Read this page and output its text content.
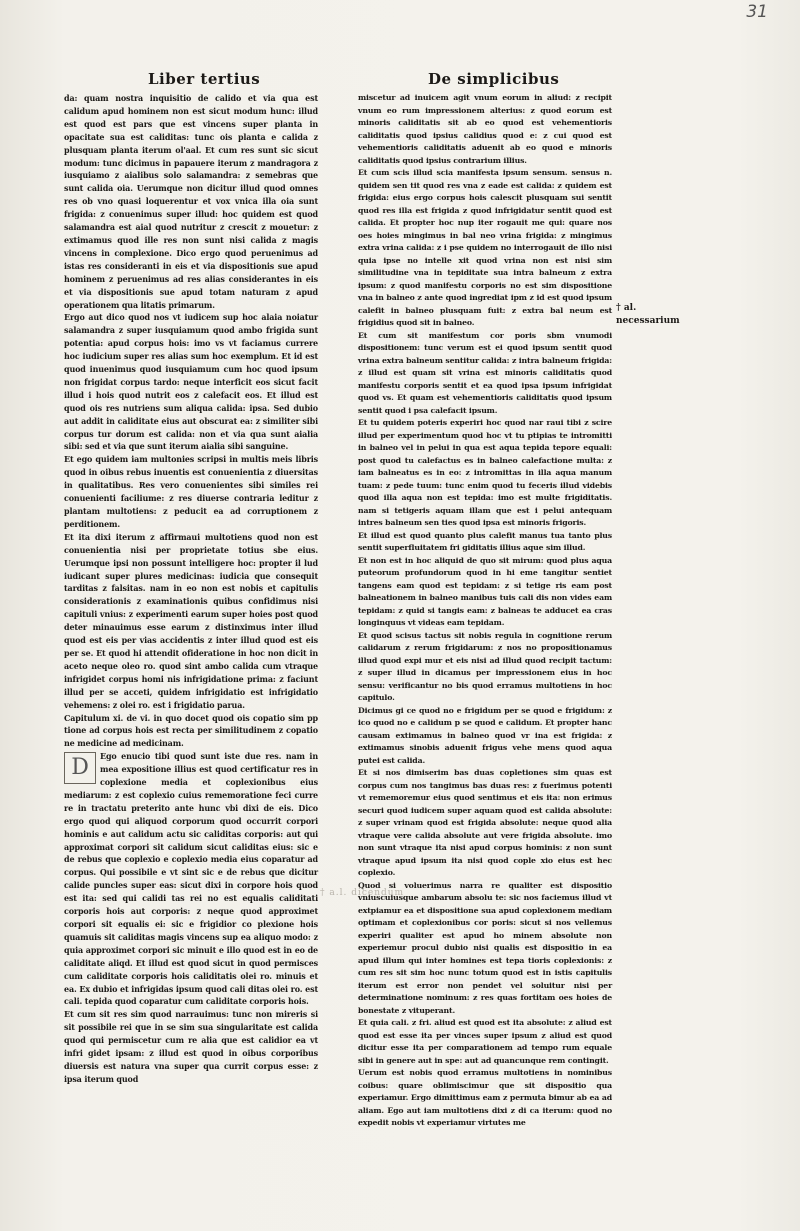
31
Liber tertius	De simplicibus

da: quam nostra inquisitio de calido et via qua est calidum apud hominem non est sicut modum hunc: illud est quod est pars que est vincens super planta in opacitate sua est caliditas: tunc ois planta e calida z plusquam planta iterum ol'aal. Et cum res sunt sic sicut modum: tunc dicimus in papauere iterum z mandragora z iusquiamo z aialibus solo salamandra: z semebras que sunt calida oia. Uerumque non dicitur illud quod omnes res ob vno quasi loquerentur et vox vnica illa oia sunt frigida: z conuenimus super illud: hoc quidem est quod salamandra est aial quod nutritur z crescit z mouetur: z extimamus quod ille res non sunt nisi calida z magis vincens in complexione. Dico ergo quod peruenimus ad istas res consideranti in eis et via dispositionis sue apud hominem z peruenimus ad res alias considerantes in eis et via dispositionis sue apud totam naturam z apud operationem qua litatis primarum.

Ergo aut dico quod nos vt iudicem sup hoc alaia noiatur salamandra z super iusquiamum quod ambo frigida sunt potentia: apud corpus hois: imo vs vt faciamus currere hoc iudicium super res alias sum hoc exemplum. Et id est quod inuenimus quod iusquiamum cum hoc quod ipsum non frigidat corpus tardo: neque interficit eos sicut facit illud i hois quod nutrit eos z calefacit eos. Et illud est quod ois res nutriens sum aliqua calida: ipsa. Sed dubio aut addit in caliditate eius aut obscurat ea: z similiter sibi corpus tur dorum est calida: non et via qua sunt aialia sibi: sed et via que sunt iterum aialia sibi sanguine.

Et ego quidem iam multonies scripsi in multis meis libris quod in oibus rebus inuentis est conuenientia z diuersitas in qualitatibus. Res vero conuenientes sibi similes rei conuenienti faciliume: z res diuerse contraria leditur z plantam multotiens: z peducit ea ad corruptionem z perditionem.

Et ita dixi iterum z affirmaui multotiens quod non est conuenientia nisi per proprietate totius sbe eius. Uerumque ipsi non possunt intelligere hoc: propter il lud iudicant super plures medicinas: iudicia que consequit tarditas z falsitas. nam in eo non est nobis et capitulis considerationis z examinationis quibus confidimus nisi capituli vnius: z experimenti earum super hoies post quod deter minauimus esse earum z distinximus inter illud quod est eis per vias accidentis z inter illud quod est eis per se. Et quod hi attendit ofideratione in hoc non dicit in aceto neque oleo ro. quod sint ambo calida cum vtraque infrigidet corpus homi nis infrigidatione prima: z faciunt illud per se acceti, quidem infrigidatio est infrigidatio vehemens: z olei ro. est i frigidatio parua.

Capitulum xi. de vi. in quo docet quod ois copatio sim pp tione ad corpus hois est recta per similitudinem z copatio ne medicine ad medicinam.

D	Ego enucio tibi quod sunt iste due res. nam in mea expositione illius est quod certificatur res in coplexione media et coplexionibus eius mediarum: z est coplexio cuius rememoratione feci curre re in tractatu preterito ante hunc vbi dixi de eis. Dico ergo quod qui aliquod corporum quod occurrit corpori hominis e aut calidum actu sic caliditas corporis: aut qui approximat corpori sit calidum sicut caliditas eius: sic e de rebus que coplexio e coplexio media eius coparatur ad corpus. Qui possibile e vt sint sic e de rebus que dicitur calide puncles super eas: sicut dixi in corpore hois quod est ita: sed qui calidi tas rei no est equalis caliditati corporis hois aut corporis: z neque quod approximet corpori sit equalis ei: sic e frigidior co plexione hois quamuis sit caliditas magis vincens sup ea aliquo modo: z quia approximet corpori sic minuit e illo quod est in eo de caliditate aliqd. Et illud est quod sicut in quod permisces cum caliditate corporis hois caliditatis olei ro. minuis et ea. Ex dubio et infrigidas ipsum quod cali ditas olei ro. est cali. tepida quod coparatur cum caliditate corporis hois.

Et cum sit res sim quod narrauimus: tunc non mireris si sit possibile rei que in se sim sua singularitate est calida quod qui permiscetur cum re alia que est calidior ea vt infri gidet ipsam: z illud est quod in oibus corporibus diuersis est natura vna super qua currit corpus esse: z ipsa iterum quod

miscetur ad inuicem agit vnum eorum in aliud: z recipit vnum eo rum impressionem alterius: z quod eorum est minoris caliditatis sit ab eo quod est vehementioris caliditatis quod ipsius calidius quod e: z cui quod est vehementioris caliditatis aduenit ab eo quod e minoris caliditatis quod ipsius contrarium illius.

Et cum scis illud scia manifesta ipsum sensum. sensus n. quidem sen tit quod res vna z eade est calida: z quidem est frigida: eius ergo corpus hois calescit plusquam sui sentit quod res illa est frigida z quod infrigidatur sentit quod est calida. Et propter hoc nup iter rogauit me qui: quare nos oes hoies mingimus in bal neo vrina frigida: z mingimus extra vrina calida: z i pse quidem no interrogauit de illo nisi quia ipse no intelle xit quod vrina non est nisi sim similitudine vna in tepiditate sua intra balneum z extra ipsum: z quod manifestu corporis no est sim dispositione vna in balneo z ante quod ingrediat ipm z id est quod ipsum calefit in balneo plusquam fuit: z extra bal neum est frigidius quod sit in balneo.

Et cum sit manifestum cor poris sbm vnumodi dispositionem: tunc verum est ei quod ipsum sentit quod vrina extra balneum sentitur calida: z intra balneum frigida: z illud est quam sit vrina est minoris caliditatis quod manifestu corporis sentit et ea quod ipsa ipsum infrigidat quod vs. Et quam est vehementioris caliditatis quod ipsum sentit quod i psa calefacit ipsum.

Et tu quidem poteris experiri hoc quod nar raui tibi z scire illud per experimentum quod hoc vt tu ptipias te intromitti in balneo vel in pelui in qua est aqua tepida tepore equali: post quod tu calefactus es in balneo calefactione multa: z iam balneatus es in eo: z intromittas in illa aqua manum tuam: z pede tuum: tunc enim quod tu feceris illud videbis quod illa aqua non est tepida: imo est multe frigiditatis. nam si tetigeris aquam illam que est i pelui antequam intres balneum sen ties quod ipsa est minoris frigoris.

Et illud est quod quanto plus calefit manus tua tanto plus sentit superfluitatem fri giditatis illius aque sim illud.

Et non est in hoc aliquid de quo sit mirum: quod plus aqua puteorum profundorum quod in hi eme tangitur sentiet tangens eam quod est tepidam: z si tetige ris eam post balneationem in balneo manibus tuis cali dis non vides eam tepidam: z quid si tangis eam: z balneas te adducet ea cras longinquus vt videas eam tepidam.

Et quod scisus tactus sit nobis regula in cognitione rerum calidarum z rerum frigidarum: z nos no propositionamus illud quod expi mur et eis nisi ad illud quod recipit tactum: z super illud in dicamus per impressionem eius in hoc sensu: verificantur no bis quod erramus multotiens in hoc capitulo.

Dicimus gi ce quod no e frigidum per se quod e frigidum: z ico quod no e calidum p se quod e calidum. Et propter hanc causam extimamus in balneo quod vr ina est frigida: z extimamus sinobis aduenit frigus vehe mens quod aqua putei est calida.

Et si nos dimiserim bas duas copletiones sim quas est corpus cum nos tangimus bas duas res: z fuerimus potenti vt rememoremur eius quod sentimus et eis ita: non erimus securi quod iudicem super aquam quod est calida absolute: z super vrinam quod est frigida absolute: neque quod alia vtraque vere calida absolute aut vere frigida absolute. imo non sunt vtraque ita nisi apud corpus hominis: z non sunt vtraque apud ipsum ita nisi quod cople xio eius est hec coplexio.

Quod si voluerimus narra re qualiter est dispositio vniuscuiusque ambarum absolu te: sic nos faciemus illud vt extpiamur ea et dispositione sua apud coplexionem mediam optimam et coplexionibus cor poris: sicut si nos vellemus experiri qualiter est apud ho minem absolute non experiemur procul dubio nisi qualis est dispositio in ea apud illum qui inter homines est tepa tioris coplexionis: z cum res sit sim hoc nunc totum quod est in istis capitulis iterum est error non pendet vel soluitur nisi per determinatione nominum: z res quas fortitam oes hoies de bonestate z vituperant.

Et quia cali. z fri. aliud est quod est ita absolute: z aliud est quod est esse ita per vinces super ipsum z aliud est quod dicitur esse ita per comparationem ad tempo rum equale sibi in genere aut in spe: aut ad quancunque rem contingit.

Uerum est nobis quod erramus multotiens in nominibus coibus: quare oblimiscimur que sit dispositio qua experiamur. Ergo dimittimus eam z permuta bimur ab ea ad aliam. Ego aut iam multotiens dixi z di ca iterum: quod no expedit nobis vt experiamur virtutes me

† al. necessarium
† a.l. dicendum
